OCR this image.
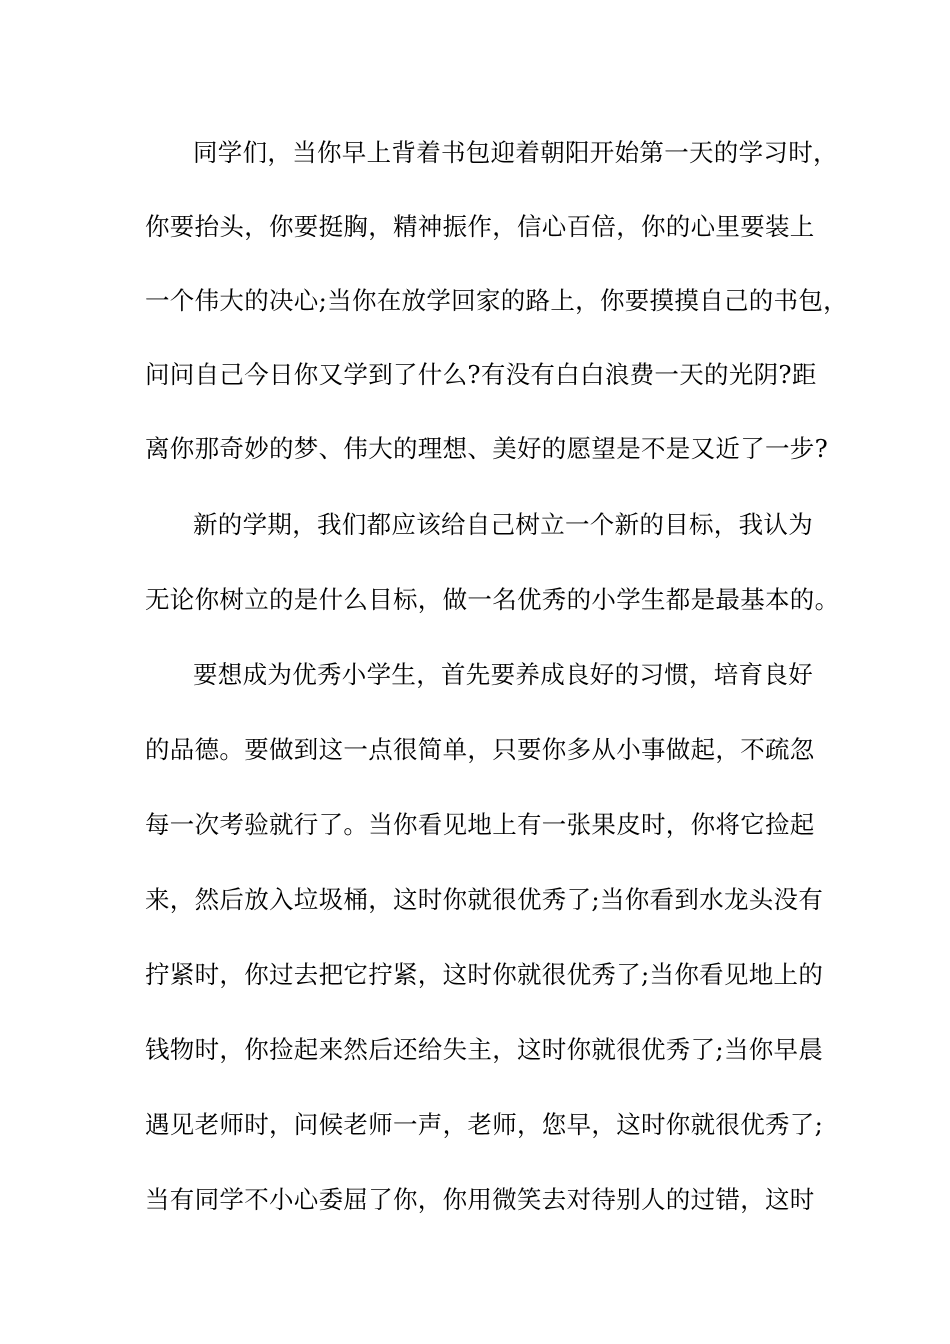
同学们，当你早上背着书包迎着朝阳开始第一天的学习时，
你要抬头，你要挺胸，精神振作，信心百倍，你的心里要装上
一个伟大的决心;当你在放学回家的路上，你要摸摸自己的书包，
问问自己今日你又学到了什么?有没有白白浪费一天的光阴?距
离你那奇妙的梦、伟大的理想、美好的愿望是不是又近了一步?
新的学期，我们都应该给自己树立一个新的目标，我认为
无论你树立的是什么目标，做一名优秀的小学生都是最基本的。
要想成为优秀小学生，首先要养成良好的习惯，培育良好
的品德。要做到这一点很简单，只要你多从小事做起，不疏忽
每一次考验就行了。当你看见地上有一张果皮时，你将它捡起
来，然后放入垃圾桶，这时你就很优秀了;当你看到水龙头没有
拧紧时，你过去把它拧紧，这时你就很优秀了;当你看见地上的
钱物时，你捡起来然后还给失主，这时你就很优秀了;当你早晨
遇见老师时，问候老师一声，老师，您早，这时你就很优秀了;
当有同学不小心委屈了你，你用微笑去对待别人的过错，这时
